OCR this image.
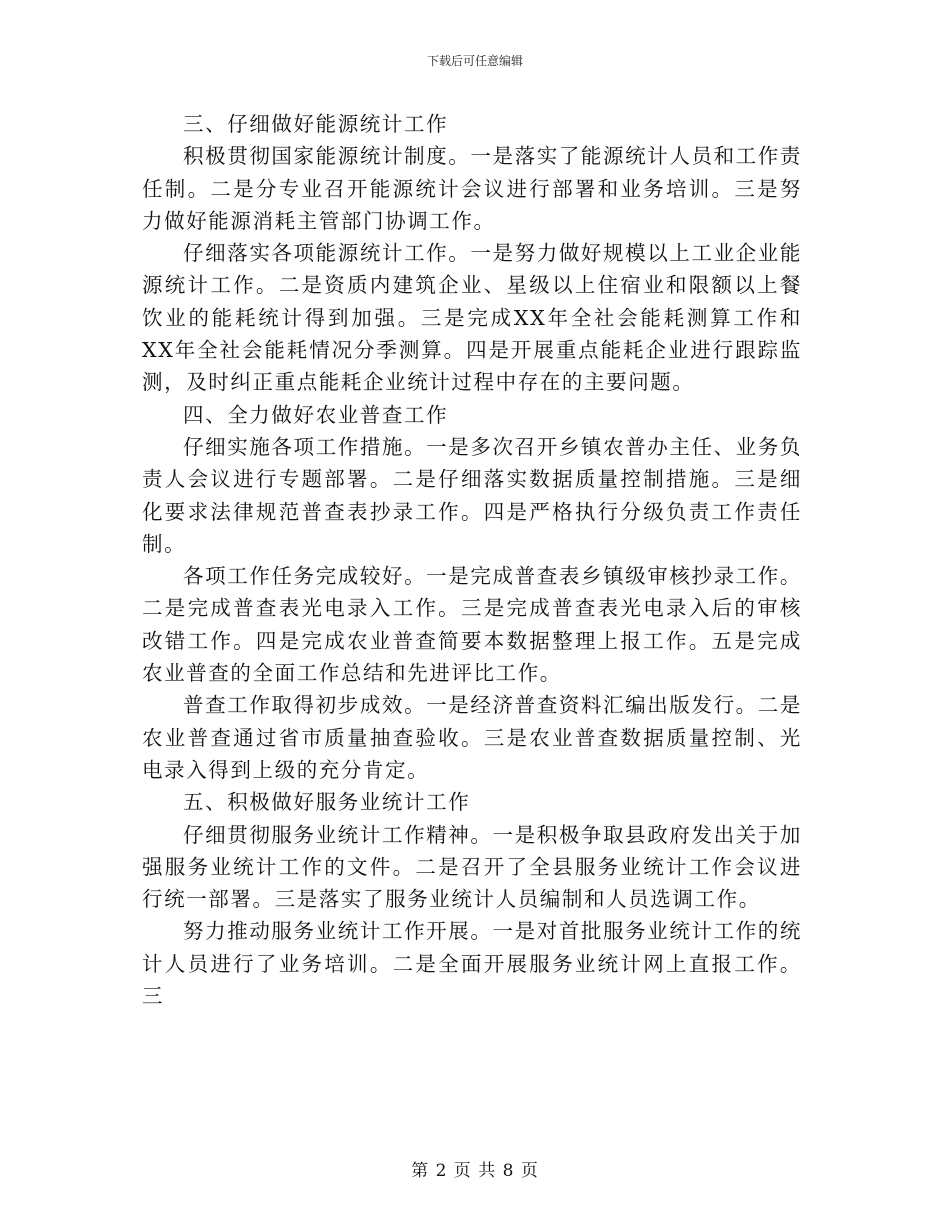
下载后可任意编辑

三、仔细做好能源统计工作

积极贯彻国家能源统计制度。一是落实了能源统计人员和工作责任制。二是分专业召开能源统计会议进行部署和业务培训。三是努力做好能源消耗主管部门协调工作。

仔细落实各项能源统计工作。一是努力做好规模以上工业企业能源统计工作。二是资质内建筑企业、星级以上住宿业和限额以上餐饮业的能耗统计得到加强。三是完成XX年全社会能耗测算工作和XX年全社会能耗情况分季测算。四是开展重点能耗企业进行跟踪监测，及时纠正重点能耗企业统计过程中存在的主要问题。

四、全力做好农业普查工作

仔细实施各项工作措施。一是多次召开乡镇农普办主任、业务负责人会议进行专题部署。二是仔细落实数据质量控制措施。三是细化要求法律规范普查表抄录工作。四是严格执行分级负责工作责任制。

各项工作任务完成较好。一是完成普查表乡镇级审核抄录工作。二是完成普查表光电录入工作。三是完成普查表光电录入后的审核改错工作。四是完成农业普查简要本数据整理上报工作。五是完成农业普查的全面工作总结和先进评比工作。

普查工作取得初步成效。一是经济普查资料汇编出版发行。二是农业普查通过省市质量抽查验收。三是农业普查数据质量控制、光电录入得到上级的充分肯定。

五、积极做好服务业统计工作

仔细贯彻服务业统计工作精神。一是积极争取县政府发出关于加强服务业统计工作的文件。二是召开了全县服务业统计工作会议进行统一部署。三是落实了服务业统计人员编制和人员选调工作。

努力推动服务业统计工作开展。一是对首批服务业统计工作的统计人员进行了业务培训。二是全面开展服务业统计网上直报工作。三

第 2 页 共 8 页
